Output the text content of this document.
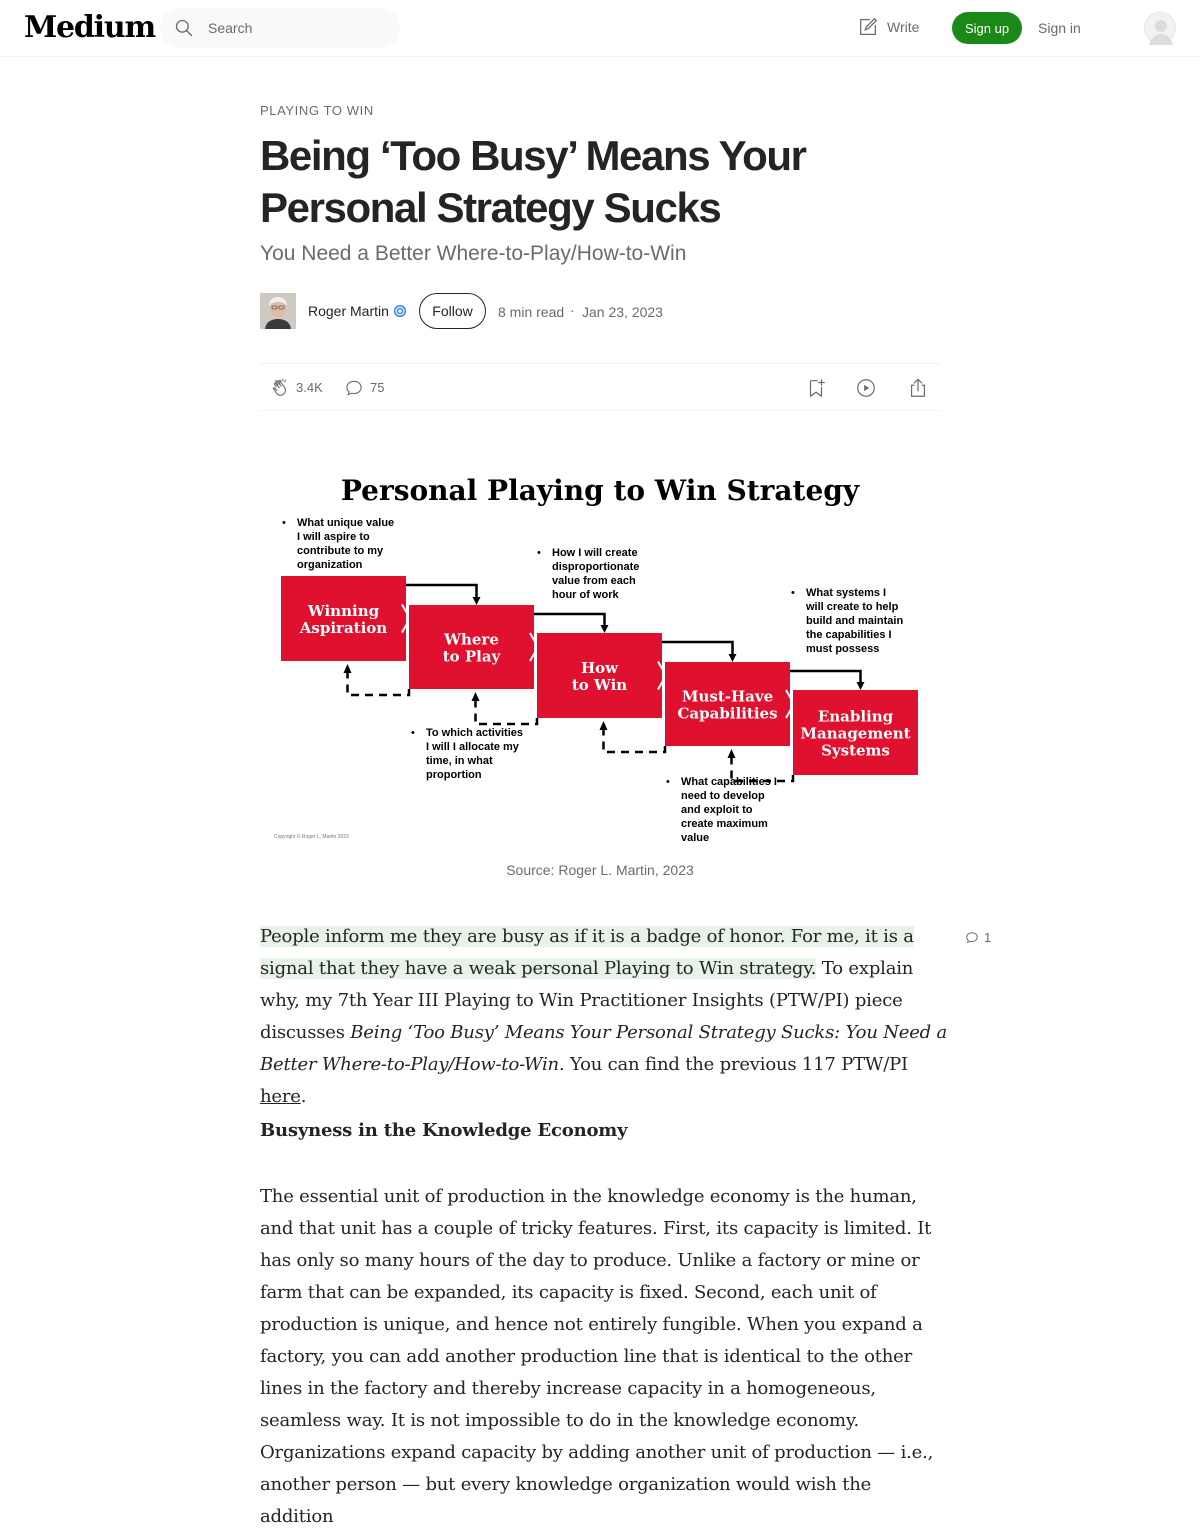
Medium	Search	Write	Sign up	Sign in
PLAYING TO WIN
Being ‘Too Busy’ Means Your Personal Strategy Sucks
You Need a Better Where-to-Play/How-to-Win
Roger Martin	Follow	8 min read · Jan 23, 2023
3.4K	75
Personal Playing to Win Strategy
Winning
Aspiration
Where
to Play
How
to Win
Must-Have
Capabilities	Enabling
Management
Systems
• What unique value
I will aspire to
contribute to my
organization
• To which activities
I will I allocate my
time, in what
proportion
• How I will create
disproportionate
value from each
hour of work
• What capabilities I
need to develop
and exploit to
create maximum
value
• What systems I
will create to help
build and maintain
the capabilities I
must possess
Copyright © Roger L. Martin 2023
Source: Roger L. Martin, 2023

People inform me they are busy as if it is a badge of honor. For me, it is a signal that they have a weak personal Playing to Win strategy. To explain why, my 7th Year III Playing to Win Practitioner Insights (PTW/PI) piece discusses Being ‘Too Busy’ Means Your Personal Strategy Sucks: You Need a Better Where-to-Play/How-to-Win. You can find the previous 117 PTW/PI here.

1
Busyness in the Knowledge Economy

The essential unit of production in the knowledge economy is the human, and that unit has a couple of tricky features. First, its capacity is limited. It has only so many hours of the day to produce. Unlike a factory or mine or farm that can be expanded, its capacity is fixed. Second, each unit of production is unique, and hence not entirely fungible. When you expand a factory, you can add another production line that is identical to the other lines in the factory and thereby increase capacity in a homogeneous, seamless way. It is not impossible to do in the knowledge economy. Organizations expand capacity by adding another unit of production — i.e., another person — but every knowledge organization would wish the addition
